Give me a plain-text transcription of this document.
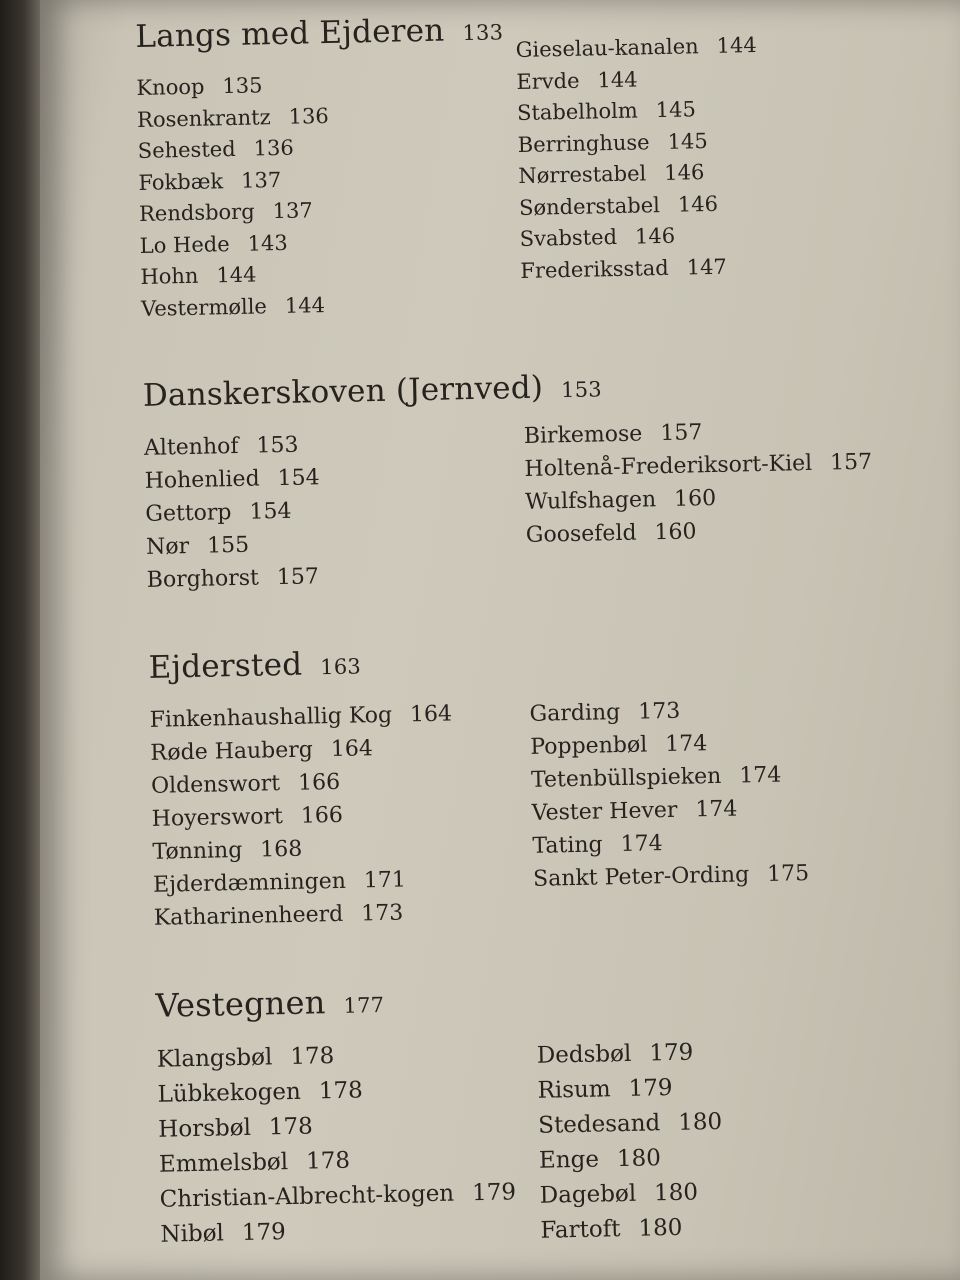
Langs med Ejderen 133
Knoop 135
Rosenkrantz 136
Sehested 136
Fokbæk 137
Rendsborg 137
Lo Hede 143
Hohn 144
Vestermølle 144
Gieselau-kanalen 144
Ervde 144
Stabelholm 145
Berringhuse 145
Nørrestabel 146
Sønderstabel 146
Svabsted 146
Frederiksstad 147
Danskerskoven (Jernved) 153
Altenhof 153
Hohenlied 154
Gettorp 154
Nør 155
Borghorst 157
Birkemose 157
Holtenå-Frederiksort-Kiel 157
Wulfshagen 160
Goosefeld 160
Ejdersted 163
Finkenhaushallig Kog 164
Røde Hauberg 164
Oldenswort 166
Hoyerswort 166
Tønning 168
Ejderdæmningen 171
Katharinenheerd 173
Garding 173
Poppenbøl 174
Tetenbüllspieken 174
Vester Hever 174
Tating 174
Sankt Peter-Ording 175
Vestegnen 177
Klangsbøl 178
Lübkekogen 178
Horsbøl 178
Emmelsbøl 178
Christian-Albrecht-kogen 179
Nibøl 179
Dedsbøl 179
Risum 179
Stedesand 180
Enge 180
Dagebøl 180
Fartoft 180
